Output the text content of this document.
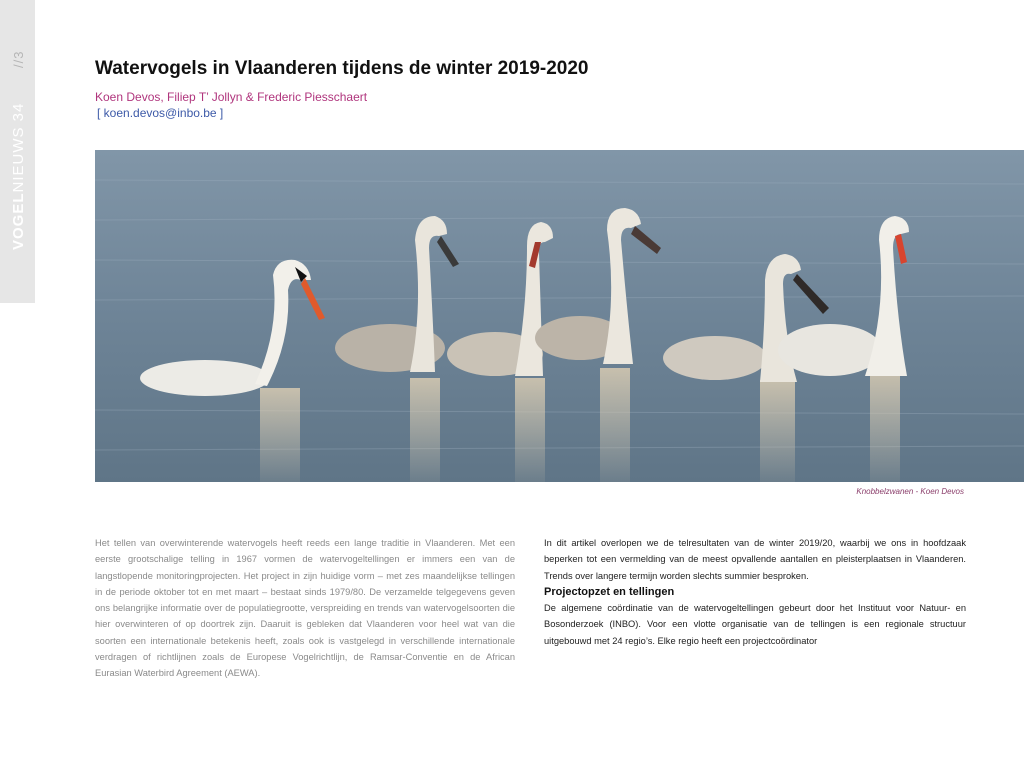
//3
VOGELNIEUWS 34
Watervogels in Vlaanderen tijdens de winter 2019-2020
Koen Devos, Filiep T’ Jollyn & Frederic Piesschaert
[ koen.devos@inbo.be ]
Knobbelzwanen - Koen Devos
Het tellen van overwinterende watervogels heeft reeds een lange traditie in Vlaanderen. Met een eerste grootschalige telling in 1967 vormen de watervogeltellingen er immers een van de langstlopende monitoringprojecten. Het project in zijn huidige vorm – met zes maandelijkse tellingen in de periode oktober tot en met maart – bestaat sinds 1979/80. De verzamelde telgegevens geven ons belangrijke informatie over de populatiegrootte, verspreiding en trends van watervogelsoorten die hier overwinteren of op doortrek zijn. Daaruit is gebleken dat Vlaanderen voor heel wat van die soorten een internationale betekenis heeft, zoals ook is vastgelegd in verschillende internationale verdragen of richtlijnen zoals de Europese Vogelrichtlijn, de Ramsar-Conventie en de African Eurasian Waterbird Agreement (AEWA).

In dit artikel overlopen we de telresultaten van de winter 2019/20, waarbij we ons in hoofdzaak beperken tot een vermelding van de meest opvallende aantallen en pleisterplaatsen in Vlaanderen. Trends over langere termijn worden slechts summier besproken.

Projectopzet en tellingen

De algemene coördinatie van de watervogeltellingen gebeurt door het Instituut voor Natuur- en Bosonderzoek (INBO). Voor een vlotte organisatie van de tellingen is een regionale structuur uitgebouwd met 24 regio’s. Elke regio heeft een projectcoördinator
